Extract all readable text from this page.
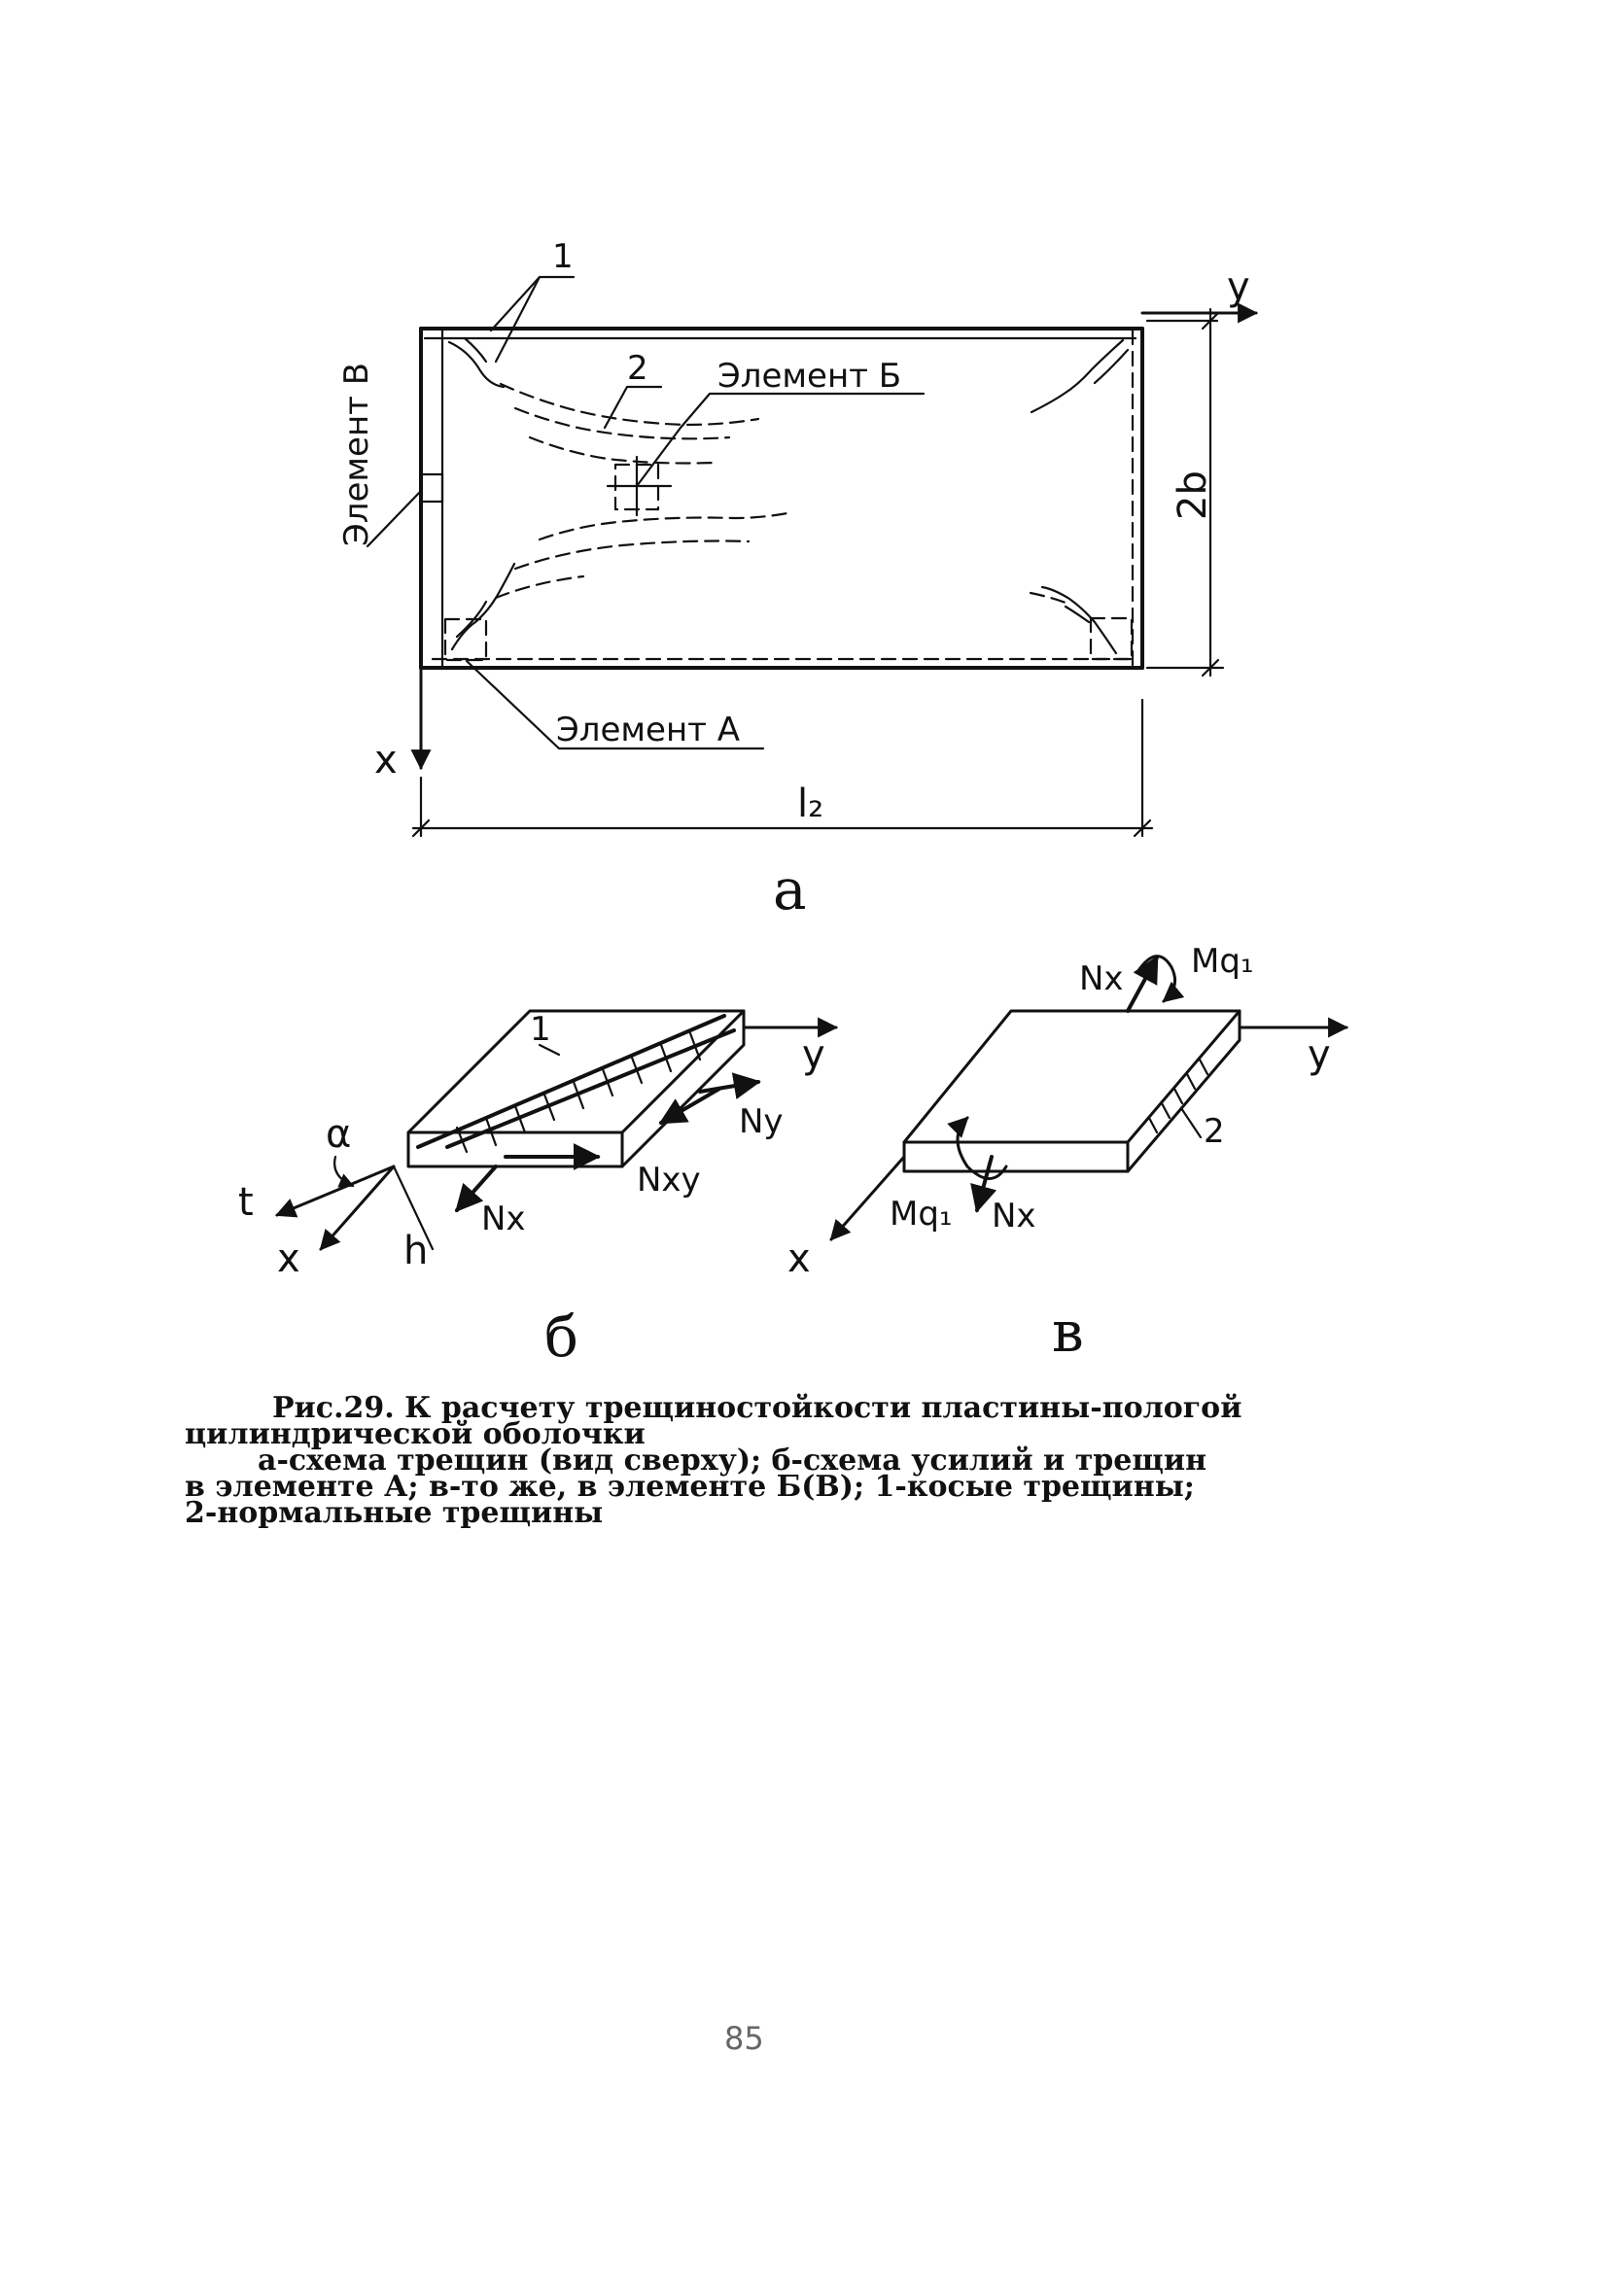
1
2 Элемент Б
Элемент В
Элемент А
y
x
2b
l₂
а
1
y
x
t
α
h
Nу
Nху
Nх
б
Mq₁
Nх
2
y
x
Mq₁ Nх
в
Рис.29. К расчету трещиностойкости пластины-пологой
цилиндрической оболочки
а-схема трещин (вид сверху); б-схема усилий и трещин
в элементе А; в-то же, в элементе Б(В); 1-косые трещины;
2-нормальные трещины
85
